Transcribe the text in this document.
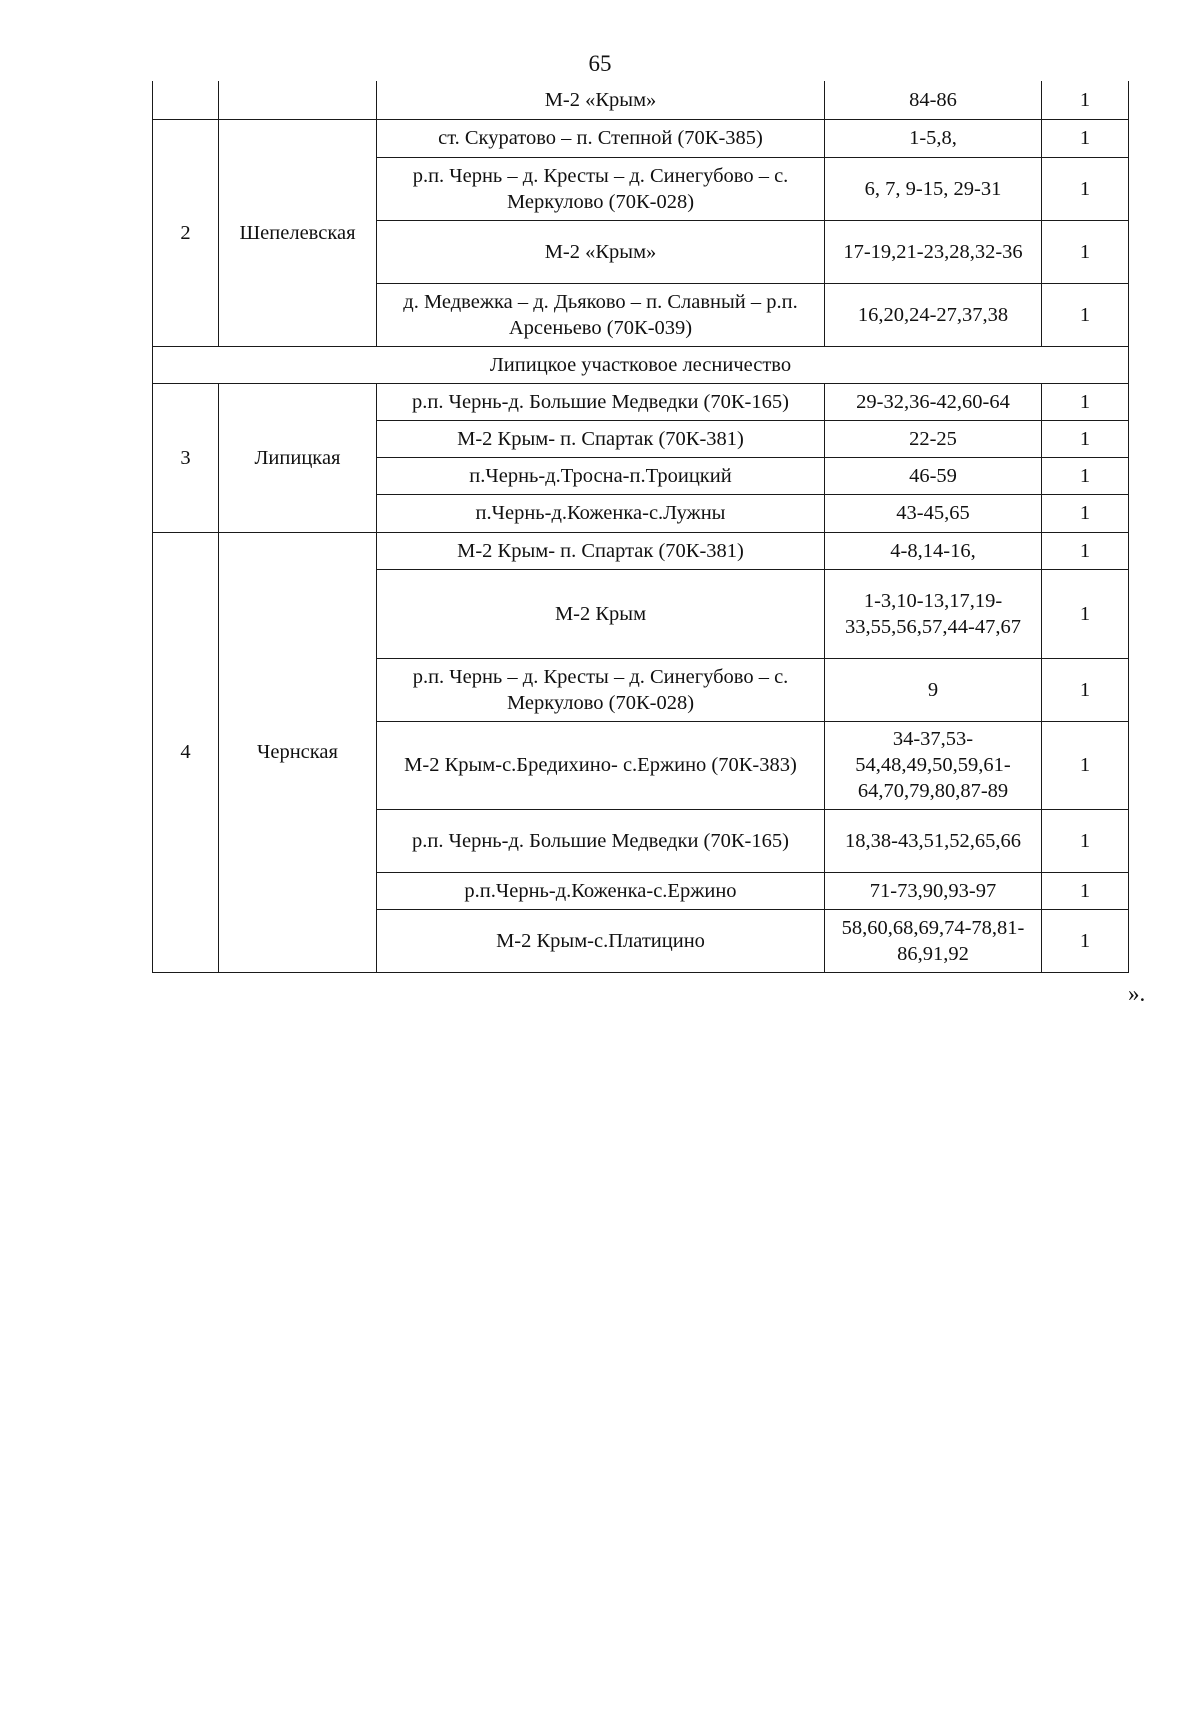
65
		М-2 «Крым»	84-86	1
2	Шепелевская	ст. Скуратово – п. Степной (70К-385)	1-5,8,	1
		р.п. Чернь – д. Кресты – д. Синегубово – с. Меркулово (70К-028)	6, 7, 9-15, 29-31	1
		М-2 «Крым»	17-19,21-23,28,32-36	1
		д. Медвежка – д. Дьяково – п. Славный – р.п. Арсеньево (70К-039)	16,20,24-27,37,38	1
Липицкое участковое лесничество				
3	Липицкая	р.п. Чернь-д. Большие Медведки (70К-165)	29-32,36-42,60-64	1
		М-2 Крым- п. Спартак (70К-381)	22-25	1
		п.Чернь-д.Тросна-п.Троицкий	46-59	1
		п.Чернь-д.Коженка-с.Лужны	43-45,65	1
4	Чернская	М-2 Крым- п. Спартак (70К-381)	4-8,14-16,	1
		М-2 Крым	1-3,10-13,17,19-33,55,56,57,44-47,67	1
		р.п. Чернь – д. Кресты – д. Синегубово – с. Меркулово (70К-028)	9	1
		М-2 Крым-с.Бредихино- с.Ержино (70К-383)	34-37,53-54,48,49,50,59,61-64,70,79,80,87-89	1
		р.п. Чернь-д. Большие Медведки (70К-165)	18,38-43,51,52,65,66	1
		р.п.Чернь-д.Коженка-с.Ержино	71-73,90,93-97	1
		М-2 Крым-с.Платицино	58,60,68,69,74-78,81-86,91,92	1
».
